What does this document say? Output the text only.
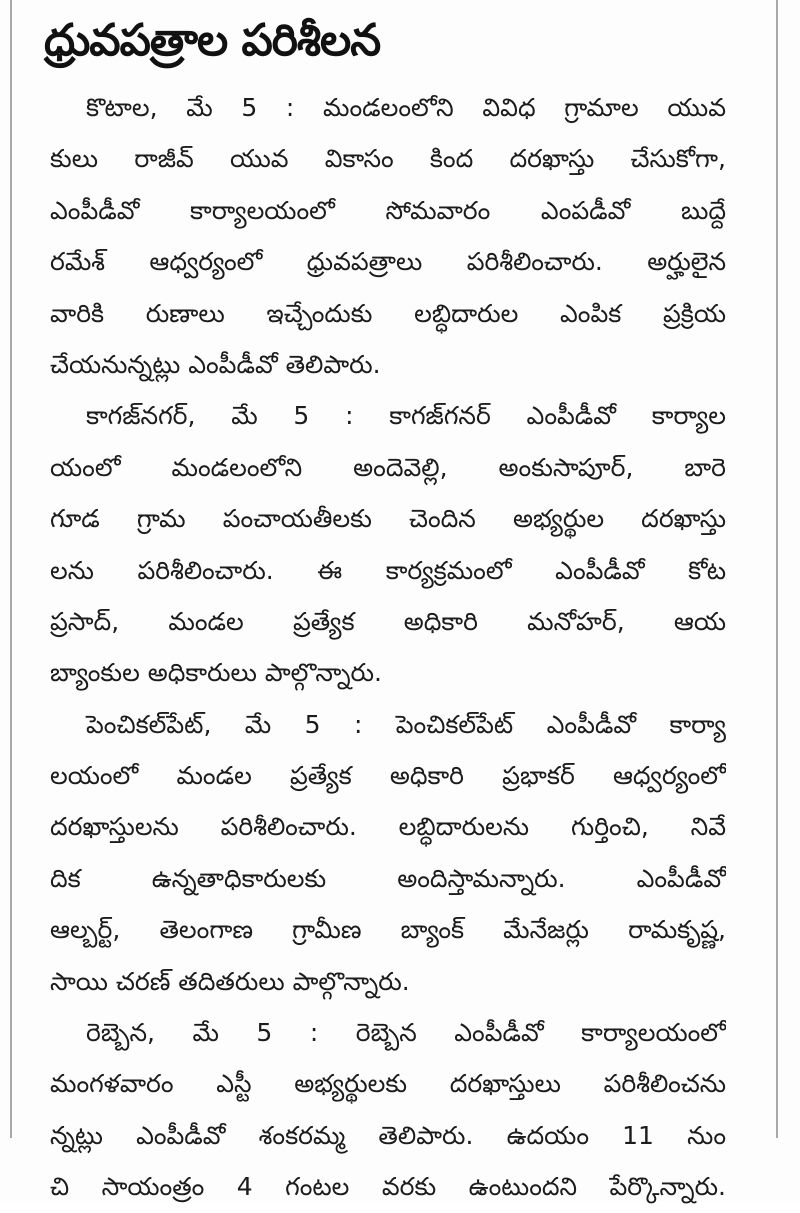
ధ్రువపత్రాల పరిశీలన

కొటాల, మే 5 : మండలంలోని వివిధ గ్రామాల యువ
కులు రాజీవ్ యువ వికాసం కింద దరఖాస్తు చేసుకోగా,
ఎంపీడీవో కార్యాలయంలో సోమవారం ఎంపడీవో బుద్దే
రమేశ్ ఆధ్వర్యంలో ధ్రువపత్రాలు పరిశీలించారు. అర్హులైన
వారికి రుణాలు ఇచ్చేందుకు లబ్ధిదారుల ఎంపిక ప్రక్రియ
చేయనున్నట్లు ఎంపీడీవో తెలిపారు.

కాగజ్‌నగర్, మే 5 : కాగజ్‌గనర్ ఎంపీడీవో కార్యాల
యంలో మండలంలోని అందెవెల్లి, అంకుసాపూర్, బారె
గూడ గ్రామ పంచాయతీలకు చెందిన అభ్యర్థుల దరఖాస్తు
లను పరిశీలించారు. ఈ కార్యక్రమంలో ఎంపీడీవో కోట
ప్రసాద్, మండల ప్రత్యేక అధికారి మనోహర్, ఆయ
బ్యాంకుల అధికారులు పాల్గొన్నారు.

పెంచికల్‌పేట్, మే 5 : పెంచికల్‌పేట్ ఎంపీడీవో కార్యా
లయంలో మండల ప్రత్యేక అధికారి ప్రభాకర్ ఆధ్వర్యంలో
దరఖాస్తులను పరిశీలించారు. లబ్ధిదారులను గుర్తించి, నివే
దిక ఉన్నతాధికారులకు అందిస్తామన్నారు. ఎంపీడీవో
ఆల్బర్ట్, తెలంగాణ గ్రామీణ బ్యాంక్ మేనేజర్లు రామకృష్ణ,
సాయి చరణ్ తదితరులు పాల్గొన్నారు.

రెబ్బెన, మే 5 : రెబ్బెన ఎంపీడీవో కార్యాలయంలో
మంగళవారం ఎస్టీ అభ్యర్థులకు దరఖాస్తులు పరిశీలించను
న్నట్లు ఎంపీడీవో శంకరమ్మ తెలిపారు. ఉదయం 11 నుం
చి సాయంత్రం 4 గంటల వరకు ఉంటుందని పేర్కొన్నారు.
